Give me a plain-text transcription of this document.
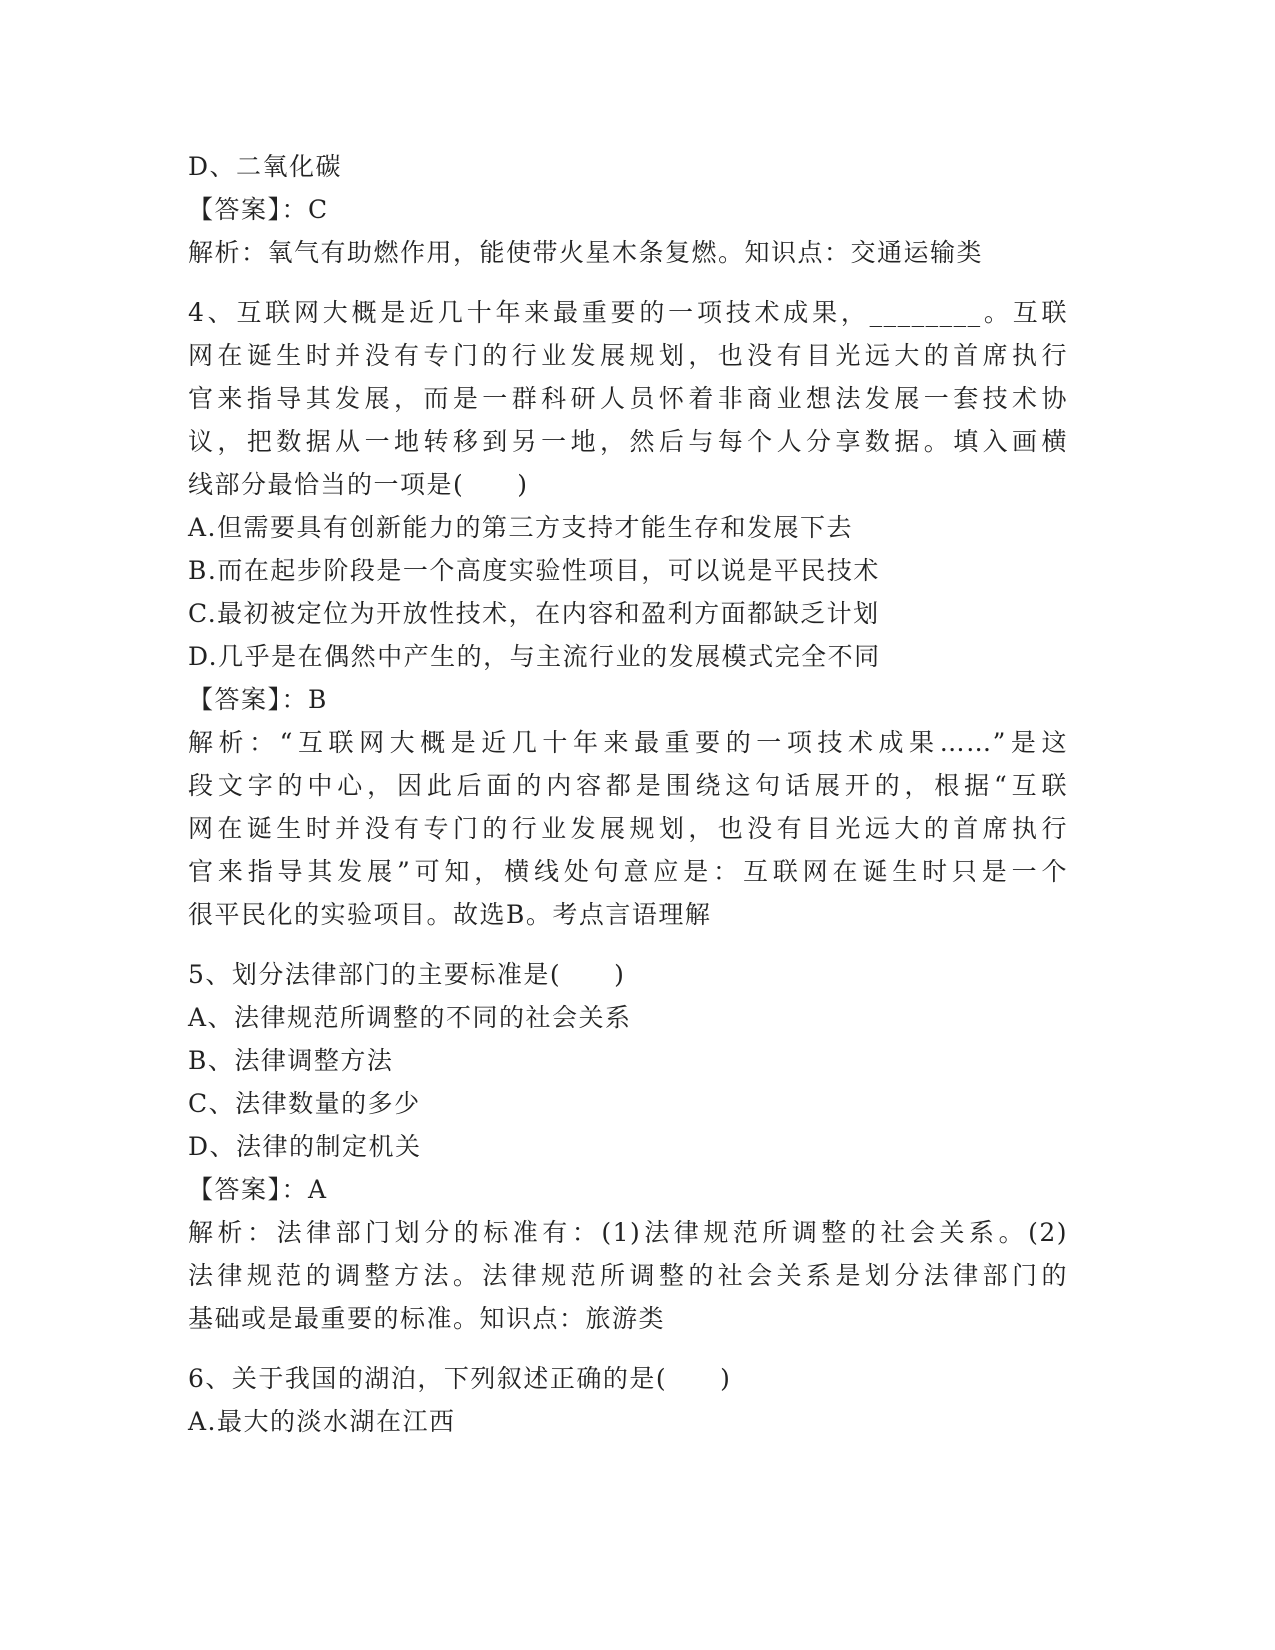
D、二氧化碳
【答案】：C
解析：氧气有助燃作用，能使带火星木条复燃。知识点：交通运输类
4、互联网大概是近几十年来最重要的一项技术成果，________。互联
网在诞生时并没有专门的行业发展规划，也没有目光远大的首席执行
官来指导其发展，而是一群科研人员怀着非商业想法发展一套技术协
议，把数据从一地转移到另一地，然后与每个人分享数据。填入画横
线部分最恰当的一项是(　　)
A.但需要具有创新能力的第三方支持才能生存和发展下去
B.而在起步阶段是一个高度实验性项目，可以说是平民技术
C.最初被定位为开放性技术，在内容和盈利方面都缺乏计划
D.几乎是在偶然中产生的，与主流行业的发展模式完全不同
【答案】：B
解析：“互联网大概是近几十年来最重要的一项技术成果……”是这
段文字的中心，因此后面的内容都是围绕这句话展开的，根据“互联
网在诞生时并没有专门的行业发展规划，也没有目光远大的首席执行
官来指导其发展”可知，横线处句意应是：互联网在诞生时只是一个
很平民化的实验项目。故选B。考点言语理解
5、划分法律部门的主要标准是(　　)
A、法律规范所调整的不同的社会关系
B、法律调整方法
C、法律数量的多少
D、法律的制定机关
【答案】：A
解析：法律部门划分的标准有：(1)法律规范所调整的社会关系。(2)
法律规范的调整方法。法律规范所调整的社会关系是划分法律部门的
基础或是最重要的标准。知识点：旅游类
6、关于我国的湖泊，下列叙述正确的是(　　)
A.最大的淡水湖在江西
